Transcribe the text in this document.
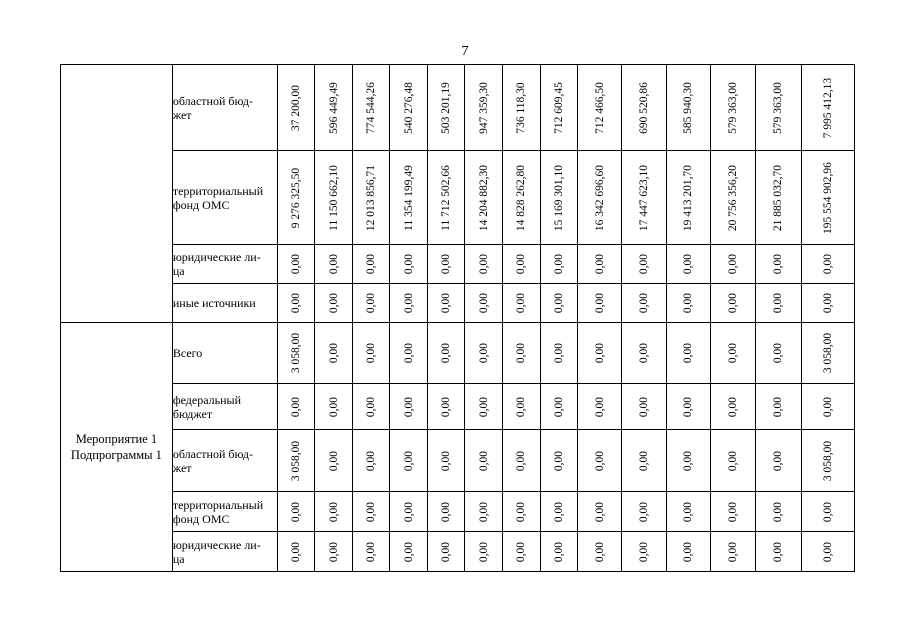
7
	областной бюд-
жет	37 200,00	596 449,49	774 544,26	540 276,48	503 201,19	947 359,30	736 118,30	712 609,45	712 466,50	690 520,86	585 940,30	579 363,00	579 363,00	7 995 412,13

	территориальный
фонд ОМС	9 276 325,50	11 150 662,10	12 013 856,71	11 354 199,49	11 712 502,66	14 204 882,30	14 828 262,80	15 169 301,10	16 342 696,60	17 447 623,10	19 413 201,70	20 756 356,20	21 885 032,70	195 554 902,96

	юридические ли-
ца	0,00	0,00	0,00	0,00	0,00	0,00	0,00	0,00	0,00	0,00	0,00	0,00	0,00	0,00

	иные источники	0,00	0,00	0,00	0,00	0,00	0,00	0,00	0,00	0,00	0,00	0,00	0,00	0,00	0,00

Мероприятие 1
Подпрограммы 1	Всего	3 058,00	0,00	0,00	0,00	0,00	0,00	0,00	0,00	0,00	0,00	0,00	0,00	0,00	3 058,00

	федеральный
бюджет	0,00	0,00	0,00	0,00	0,00	0,00	0,00	0,00	0,00	0,00	0,00	0,00	0,00	0,00

	областной бюд-
жет	3 058,00	0,00	0,00	0,00	0,00	0,00	0,00	0,00	0,00	0,00	0,00	0,00	0,00	3 058,00

	территориальный
фонд ОМС	0,00	0,00	0,00	0,00	0,00	0,00	0,00	0,00	0,00	0,00	0,00	0,00	0,00	0,00

	юридические ли-
ца	0,00	0,00	0,00	0,00	0,00	0,00	0,00	0,00	0,00	0,00	0,00	0,00	0,00	0,00
